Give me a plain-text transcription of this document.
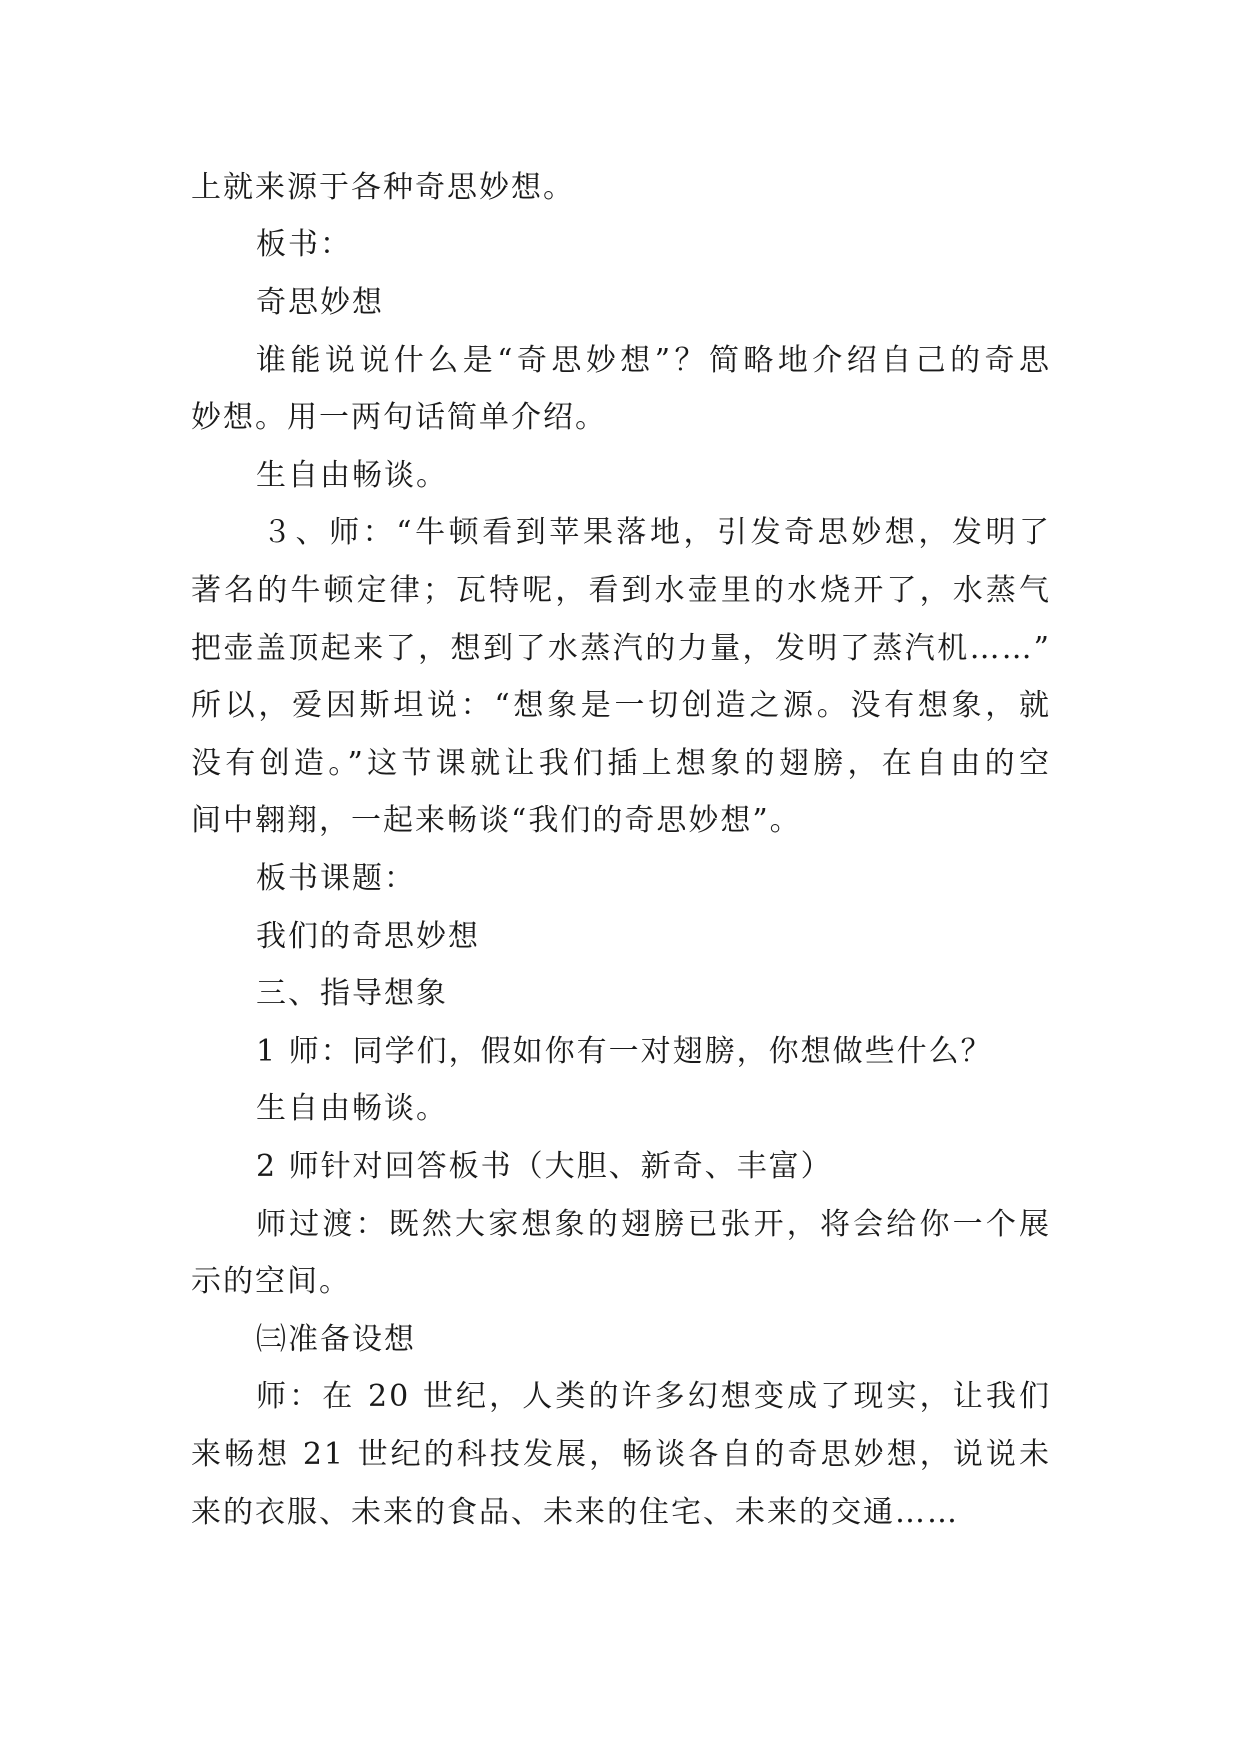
上就来源于各种奇思妙想。
板书：
奇思妙想
谁能说说什么是“奇思妙想”？简略地介绍自己的奇思
妙想。用一两句话简单介绍。
生自由畅谈。
３、师：“牛顿看到苹果落地，引发奇思妙想，发明了
著名的牛顿定律；瓦特呢，看到水壶里的水烧开了，水蒸气
把壶盖顶起来了，想到了水蒸汽的力量，发明了蒸汽机……”
所以，爱因斯坦说：“想象是一切创造之源。没有想象，就
没有创造。”这节课就让我们插上想象的翅膀，在自由的空
间中翱翔，一起来畅谈“我们的奇思妙想”。
板书课题：
我们的奇思妙想
三、指导想象
1 师：同学们，假如你有一对翅膀，你想做些什么？
生自由畅谈。
2 师针对回答板书（大胆、新奇、丰富）
师过渡：既然大家想象的翅膀已张开，将会给你一个展
示的空间。
㈢准备设想
师：在 20 世纪，人类的许多幻想变成了现实，让我们
来畅想 21 世纪的科技发展，畅谈各自的奇思妙想，说说未
来的衣服、未来的食品、未来的住宅、未来的交通……
